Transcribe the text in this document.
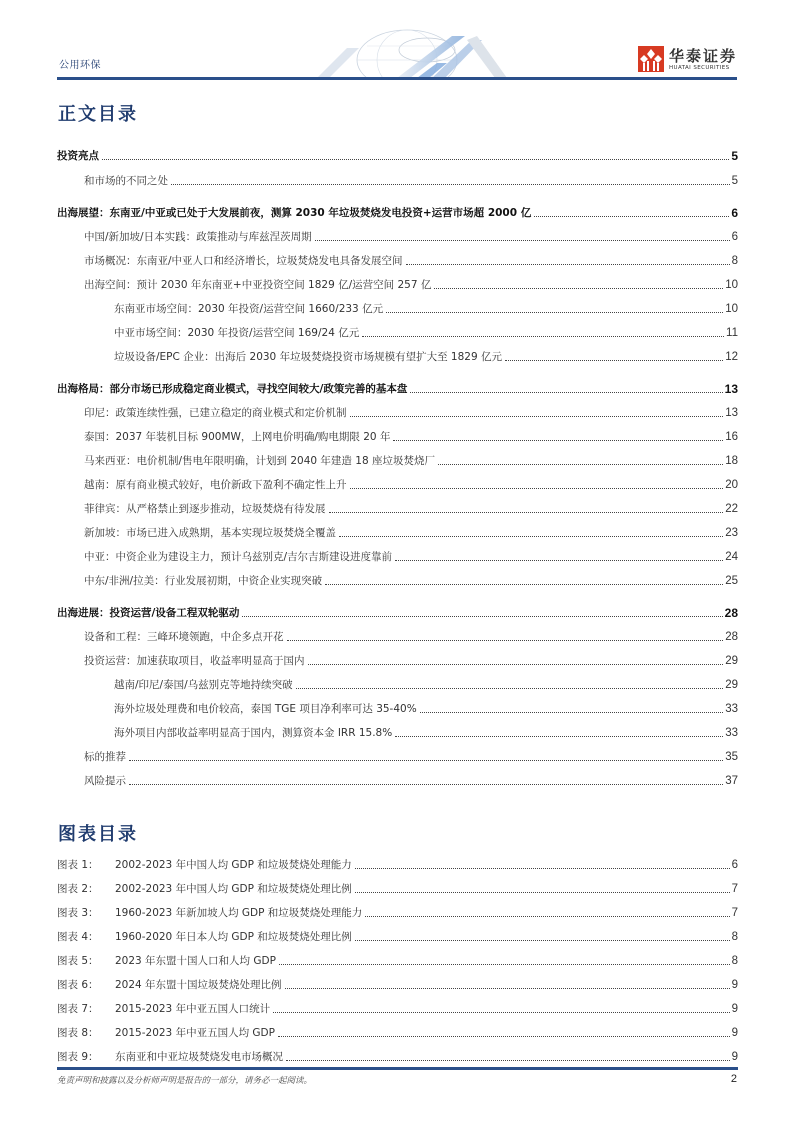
公用环保
华泰证券
HUATAI SECURITIES
正文目录
投资亮点	5
和市场的不同之处	5
出海展望：东南亚/中亚或已处于大发展前夜，测算 2030 年垃圾焚烧发电投资+运营市场超 2000 亿	6
中国/新加坡/日本实践：政策推动与库兹涅茨周期	6
市场概况：东南亚/中亚人口和经济增长，垃圾焚烧发电具备发展空间	8
出海空间：预计 2030 年东南亚+中亚投资空间 1829 亿/运营空间 257 亿	10
东南亚市场空间：2030 年投资/运营空间 1660/233 亿元	10
中亚市场空间：2030 年投资/运营空间 169/24 亿元	11
垃圾设备/EPC 企业：出海后 2030 年垃圾焚烧投资市场规模有望扩大至 1829 亿元	12
出海格局：部分市场已形成稳定商业模式，寻找空间较大/政策完善的基本盘	13
印尼：政策连续性强，已建立稳定的商业模式和定价机制	13
泰国：2037 年装机目标 900MW，上网电价明确/购电期限 20 年	16
马来西亚：电价机制/售电年限明确，计划到 2040 年建造 18 座垃圾焚烧厂	18
越南：原有商业模式较好，电价新政下盈利不确定性上升	20
菲律宾：从严格禁止到逐步推动，垃圾焚烧有待发展	22
新加坡：市场已进入成熟期，基本实现垃圾焚烧全覆盖	23
中亚：中资企业为建设主力，预计乌兹别克/吉尔吉斯建设进度靠前	24
中东/非洲/拉美：行业发展初期，中资企业实现突破	25
出海进展：投资运营/设备工程双轮驱动	28
设备和工程：三峰环境领跑，中企多点开花	28
投资运营：加速获取项目，收益率明显高于国内	29
越南/印尼/泰国/乌兹别克等地持续突破	29
海外垃圾处理费和电价较高，泰国 TGE 项目净利率可达 35-40%	33
海外项目内部收益率明显高于国内，测算资本金 IRR 15.8%	33
标的推荐	35
风险提示	37
图表目录
图表 1： 2002-2023 年中国人均 GDP 和垃圾焚烧处理能力	6
图表 2： 2002-2023 年中国人均 GDP 和垃圾焚烧处理比例	7
图表 3： 1960-2023 年新加坡人均 GDP 和垃圾焚烧处理能力	7
图表 4： 1960-2020 年日本人均 GDP 和垃圾焚烧处理比例	8
图表 5： 2023 年东盟十国人口和人均 GDP	8
图表 6： 2024 年东盟十国垃圾焚烧处理比例	9
图表 7： 2015-2023 年中亚五国人口统计	9
图表 8： 2015-2023 年中亚五国人均 GDP	9
图表 9： 东南亚和中亚垃圾焚烧发电市场概况	9
免责声明和披露以及分析师声明是报告的一部分，请务必一起阅读。	2
